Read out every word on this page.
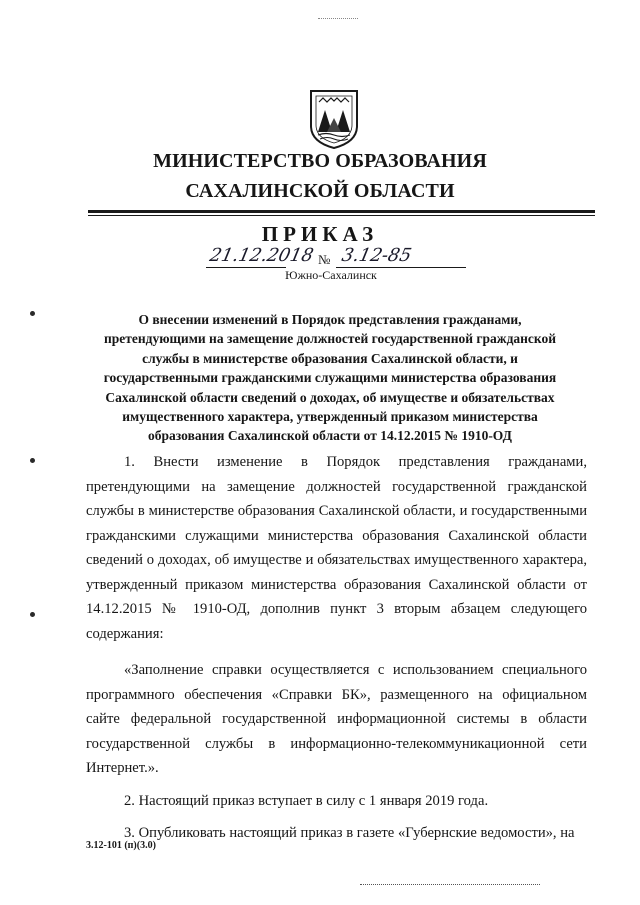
МИНИСТЕРСТВО ОБРАЗОВАНИЯ
САХАЛИНСКОЙ ОБЛАСТИ
ПРИКАЗ
21.12.2018 № 3.12-85
Южно-Сахалинск
О внесении изменений в Порядок представления гражданами,
претендующими на замещение должностей государственной гражданской
службы в министерстве образования Сахалинской области, и
государственными гражданскими служащими министерства образования
Сахалинской области сведений о доходах, об имуществе и обязательствах
имущественного характера, утвержденный приказом министерства
образования Сахалинской области от 14.12.2015 № 1910-ОД

1. Внести изменение в Порядок представления гражданами, претендующими на замещение должностей государственной гражданской службы в министерстве образования Сахалинской области, и государственными гражданскими служащими министерства образования Сахалинской области сведений о доходах, об имуществе и обязательствах имущественного характера, утвержденный приказом министерства образования Сахалинской области от 14.12.2015 № 1910-ОД, дополнив пункт 3 вторым абзацем следующего содержания:

«Заполнение справки осуществляется с использованием специального программного обеспечения «Справки БК», размещенного на официальном сайте федеральной государственной информационной системы в области государственной службы в информационно-телекоммуникационной сети Интернет.».

2. Настоящий приказ вступает в силу с 1 января 2019 года.

3. Опубликовать настоящий приказ в газете «Губернские ведомости», на

3.12-101 (п)(3.0)
